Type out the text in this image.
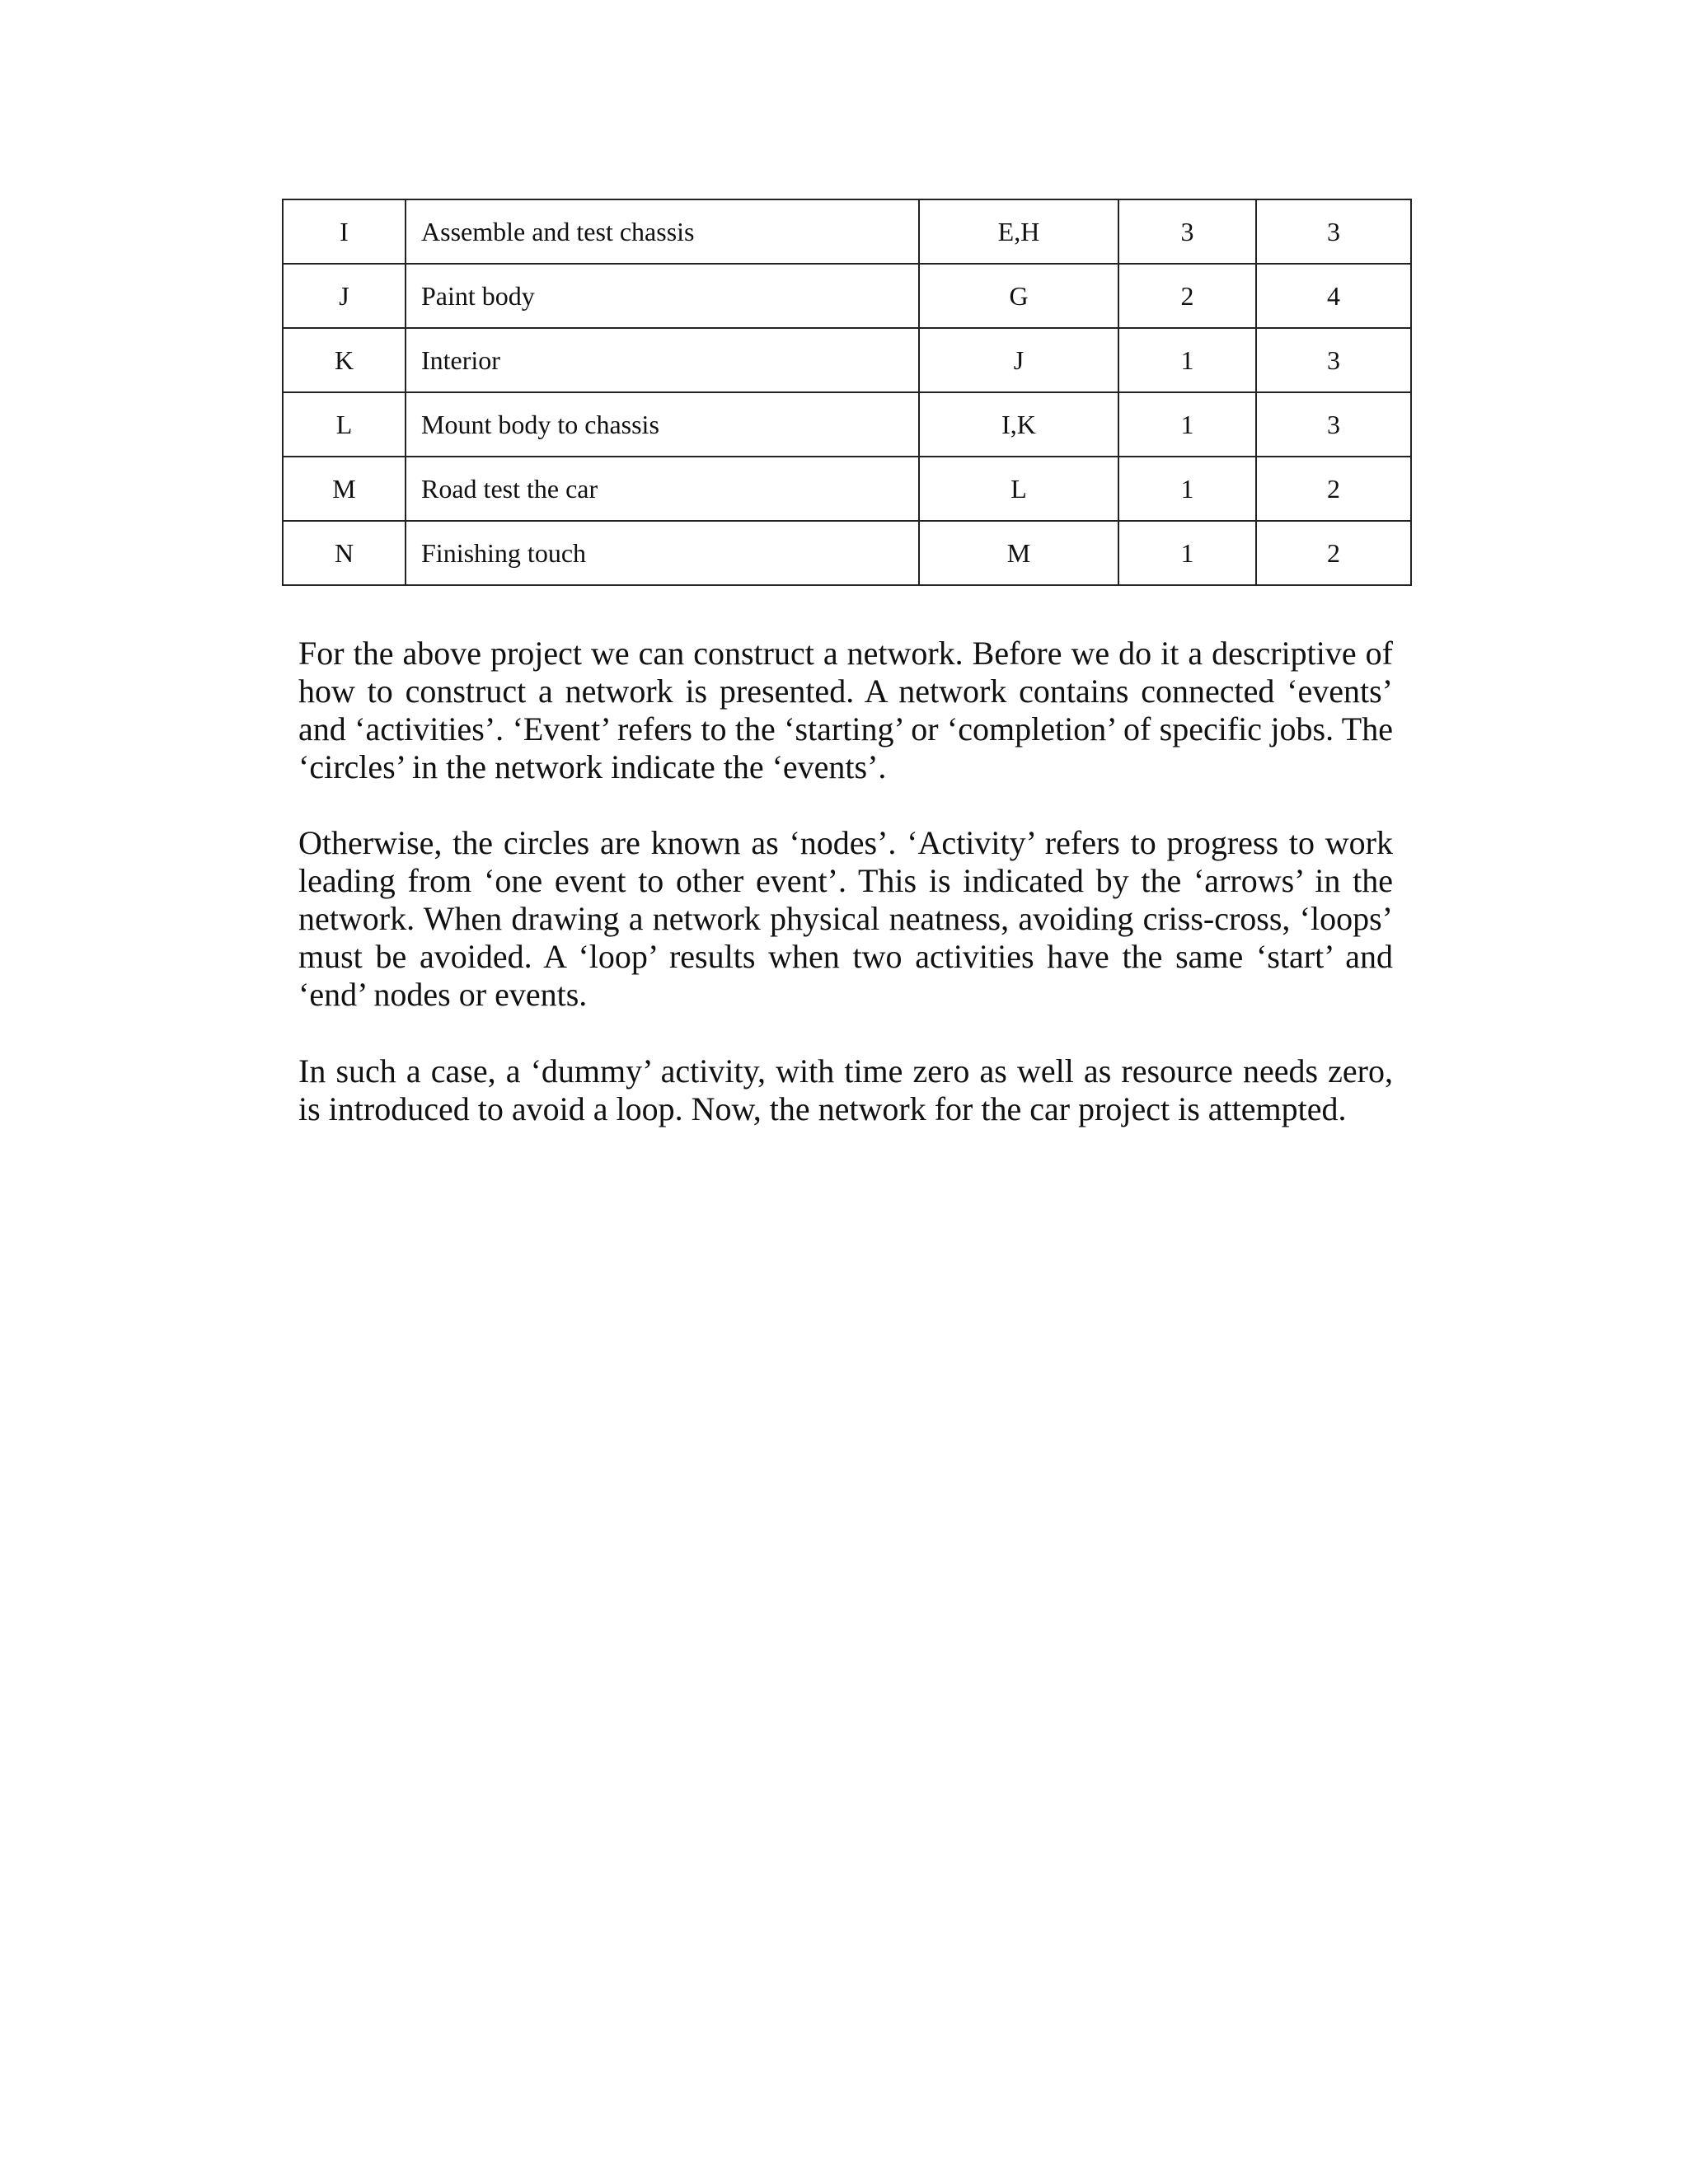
I	Assemble and test chassis	E,H	3	3
J	Paint body	G	2	4
K	Interior	J	1	3
L	Mount body to chassis	I,K	1	3
M	Road test the car	L	1	2
N	Finishing touch	M	1	2

For the above project we can construct a network. Before we do it a descriptive of how to construct a network is presented. A network contains connected ‘events’ and ‘activities’. ‘Event’ refers to the ‘starting’ or ‘completion’ of specific jobs. The ‘circles’ in the network indicate the ‘events’.

Otherwise, the circles are known as ‘nodes’. ‘Activity’ refers to progress to work leading from ‘one event to other event’. This is indicated by the ‘arrows’ in the network. When drawing a network physical neatness, avoiding criss-cross, ‘loops’ must be avoided. A ‘loop’ results when two activities have the same ‘start’ and ‘end’ nodes or events.

In such a case, a ‘dummy’ activity, with time zero as well as resource needs zero, is introduced to avoid a loop. Now, the network for the car project is attempted.
